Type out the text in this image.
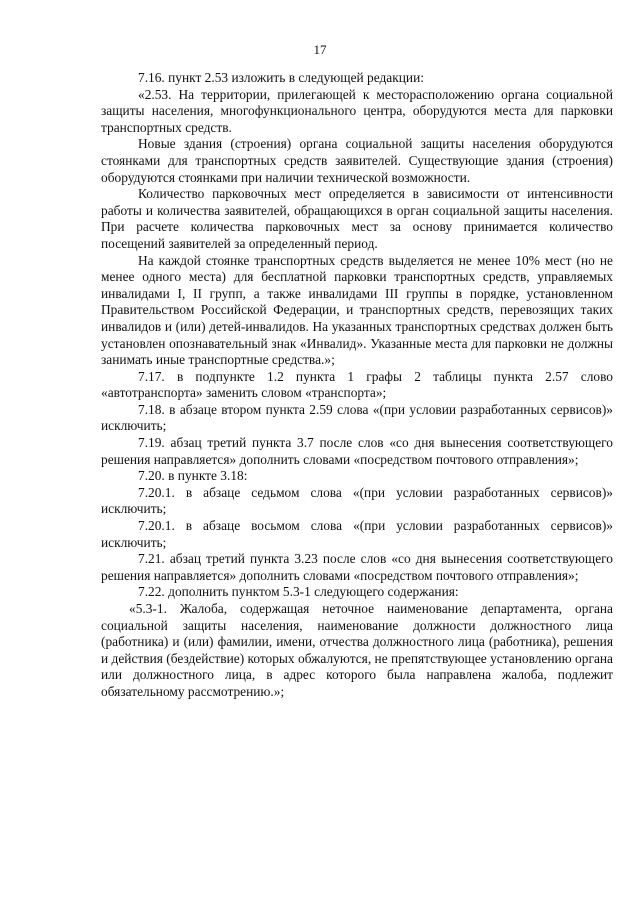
17

7.16. пункт 2.53 изложить в следующей редакции:

«2.53. На территории, прилегающей к месторасположению органа социальной защиты населения, многофункционального центра, оборудуются места для парковки транспортных средств.

Новые здания (строения) органа социальной защиты населения оборудуются стоянками для транспортных средств заявителей. Существующие здания (строения) оборудуются стоянками при наличии технической возможности.

Количество парковочных мест определяется в зависимости от интенсивности работы и количества заявителей, обращающихся в орган социальной защиты населения. При расчете количества парковочных мест за основу принимается количество посещений заявителей за определенный период.

На каждой стоянке транспортных средств выделяется не менее 10% мест (но не менее одного места) для бесплатной парковки транспортных средств, управляемых инвалидами I, II групп, а также инвалидами III группы в порядке, установленном Правительством Российской Федерации, и транспортных средств, перевозящих таких инвалидов и (или) детей-инвалидов. На указанных транспортных средствах должен быть установлен опознавательный знак «Инвалид». Указанные места для парковки не должны занимать иные транспортные средства.»;

7.17. в подпункте 1.2 пункта 1 графы 2 таблицы пункта 2.57 слово «автотранспорта» заменить словом «транспорта»;

7.18. в абзаце втором пункта 2.59 слова «(при условии разработанных сервисов)» исключить;

7.19. абзац третий пункта 3.7 после слов «со дня вынесения соответствующего решения направляется» дополнить словами «посредством почтового отправления»;

7.20. в пункте 3.18:

7.20.1. в абзаце седьмом слова «(при условии разработанных сервисов)» исключить;

7.20.1. в абзаце восьмом слова «(при условии разработанных сервисов)» исключить;

7.21. абзац третий пункта 3.23 после слов «со дня вынесения соответствующего решения направляется» дополнить словами «посредством почтового отправления»;

7.22. дополнить пунктом 5.3-1 следующего содержания:

«5.3-1. Жалоба, содержащая неточное наименование департамента, органа социальной защиты населения, наименование должности должностного лица (работника) и (или) фамилии, имени, отчества должностного лица (работника), решения и действия (бездействие) которых обжалуются, не препятствующее установлению органа или должностного лица, в адрес которого была направлена жалоба, подлежит обязательному рассмотрению.»;
